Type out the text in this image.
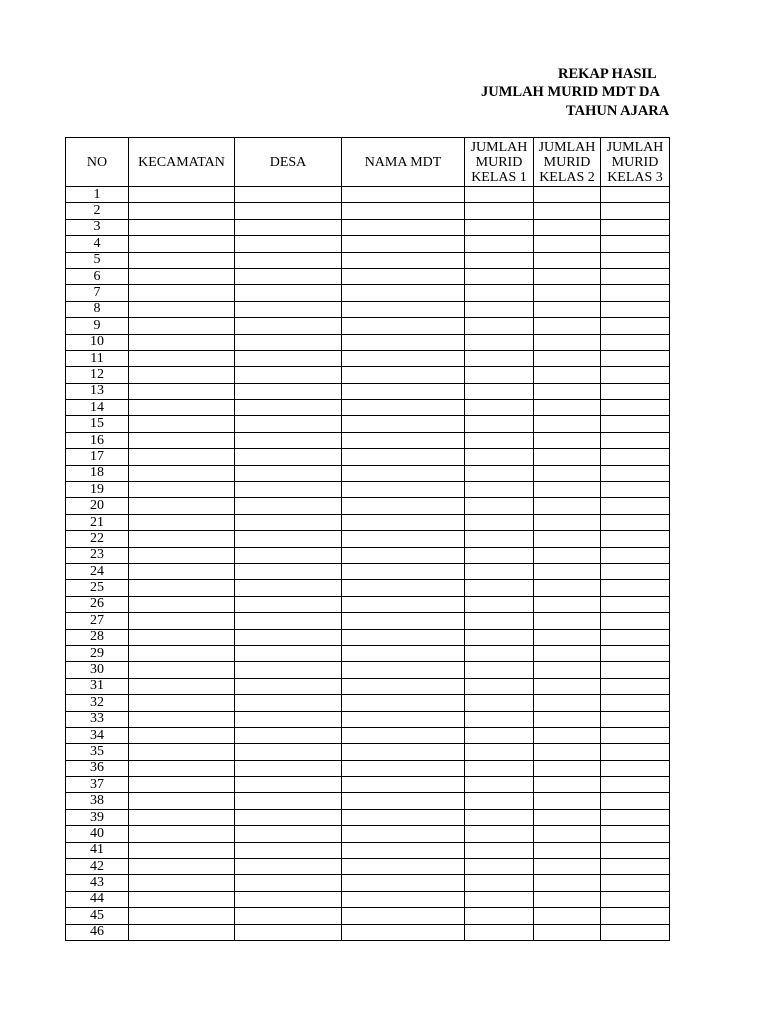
REKAP HASIL
JUMLAH MURID MDT DA
TAHUN AJARA
NO	KECAMATAN	DESA	NAMA MDT	JUMLAH
MURID
KELAS 1	JUMLAH
MURID
KELAS 2	JUMLAH
MURID
KELAS 3

1						
2						
3						
4						
5						
6						
7						
8						
9						
10						
11						
12						
13						
14						
15						
16						
17						
18						
19						
20						
21						
22						
23						
24						
25						
26						
27						
28						
29						
30						
31						
32						
33						
34						
35						
36						
37						
38						
39						
40						
41						
42						
43						
44						
45						
46						
